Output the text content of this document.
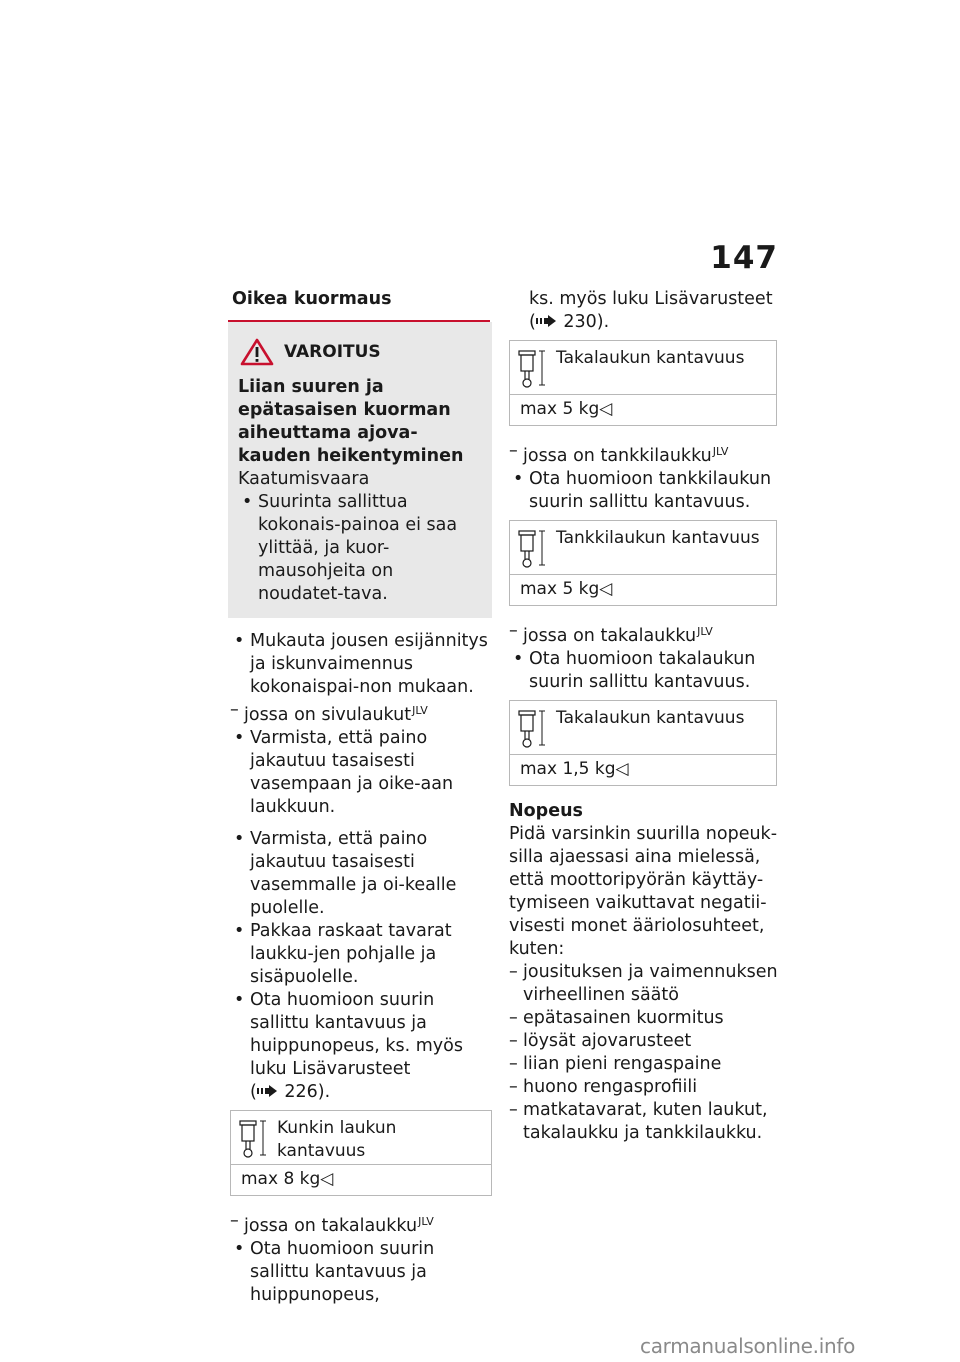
147
Oikea kuormaus
VAROITUS
Liian suuren ja epätasaisen kuorman aiheuttama ajova-kauden heikentyminen
Kaatumisvaara
• Suurinta sallittua kokonais-painoa ei saa ylittää, ja kuor-mausohjeita on noudatet-tava.
• Mukauta jousen esijännitys ja iskunvaimennus kokonaispai-non mukaan.
– jossa on sivulaukut$^{JLV}$
• Varmista, että paino jakautuu tasaisesti vasempaan ja oike-aan laukkuun.
• Varmista, että paino jakautuu tasaisesti vasemmalle ja oi-kealle puolelle.
• Pakkaa raskaat tavarat laukku-jen pohjalle ja sisäpuolelle.
• Ota huomioon suurin sallittu kantavuus ja huippunopeus, ks. myös luku Lisävarusteet
( 226).
Kunkin laukun kantavuus
max 8 kg◁
– jossa on takalaukku$^{JLV}$
• Ota huomioon suurin sallittu kantavuus ja huippunopeus,
ks. myös luku Lisävarusteet
( 230).
Takalaukun kantavuus
max 5 kg◁
– jossa on tankkilaukku$^{JLV}$
• Ota huomioon tankkilaukun suurin sallittu kantavuus.
Tankkilaukun kantavuus
max 5 kg◁
– jossa on takalaukku$^{JLV}$
• Ota huomioon takalaukun suurin sallittu kantavuus.
Takalaukun kantavuus
max 1,5 kg◁
Nopeus
Pidä varsinkin suurilla nopeuk-silla ajaessasi aina mielessä, että moottoripyörän käyttäy-tymiseen vaikuttavat negatii-visesti monet ääriolosuhteet, kuten:
– jousituksen ja vaimennuksen virheellinen säätö
– epätasainen kuormitus
– löysät ajovarusteet
– liian pieni rengaspaine
– huono rengasprofiili
– matkatavarat, kuten laukut, takalaukku ja tankkilaukku.
carmanualsonline.info
